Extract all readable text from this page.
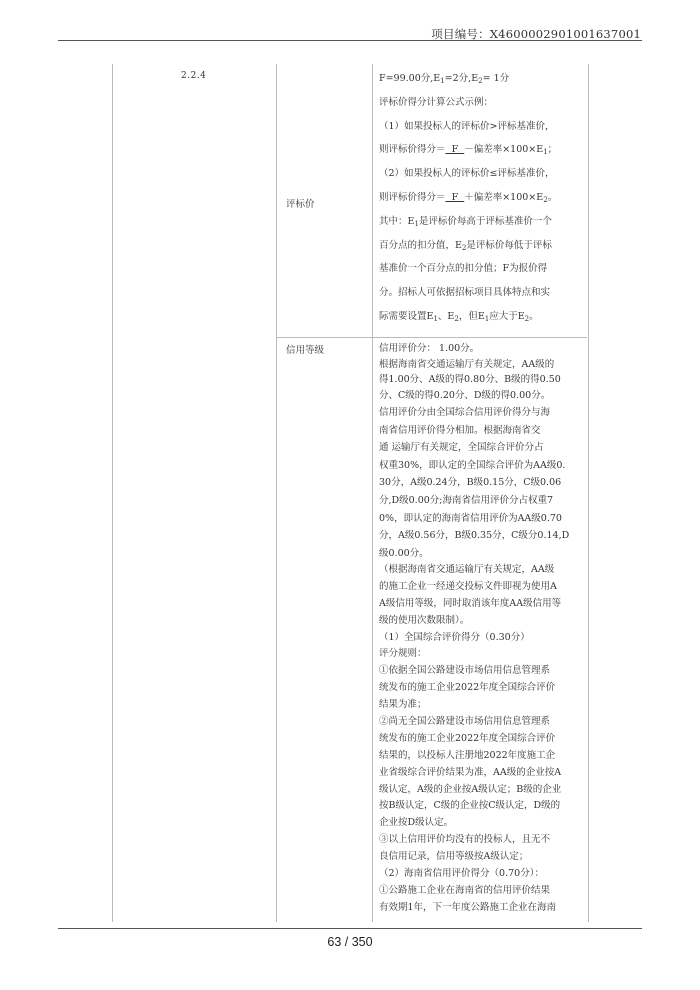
项目编号：X4600002901001637001
2.2.4
评标价
信用等级
F=99.00分$,E_1=2$分$,E_2= 1$分
评标价得分计算公式示例：
（1）如果投标人的评标价>评标基准价，
则评标价得分＝ F －偏差率$\times 100\times E_1$；
（2）如果投标人的评标价≤评标基准价，
则评标价得分＝ F ＋偏差率$\times 100\times E_2$。
其中：$E_1$是评标价每高于评标基准价一个
百分点的扣分值，$E_2$是评标价每低于评标
基准价一个百分点的扣分值；F为报价得
分。招标人可依据招标项目具体特点和实
际需要设置$E_1$、$E_2$，但$E_1$应大于$E_2$。
信用评价分： 1.00分。
根据海南省交通运输厅有关规定，AA级的
得1.00分、A级的得0.80分、B级的得0.50
分、C级的得0.20分、D级的得0.00分。
信用评价分由全国综合信用评价得分与海
南省信用评价得分相加。根据海南省交
通 运输厅有关规定，全国综合评价分占
权重30%，即认定的全国综合评价为AA级0.
30分，A级0.24分，B级0.15分，C级0.06
分,D级0.00分;海南省信用评价分占权重7
0%，即认定的海南省信用评价为AA级0.70
分，A级0.56分，B级0.35分，C级分0.14,D
级0.00分。
（根据海南省交通运输厅有关规定，AA级
的施工企业一经递交投标文件即视为使用A
A级信用等级，同时取消该年度AA级信用等
级的使用次数限制）。
（1）全国综合评价得分（0.30分）
评分规则：
①依据全国公路建设市场信用信息管理系
统发布的施工企业2022年度全国综合评价
结果为准；
②尚无全国公路建设市场信用信息管理系
统发布的施工企业2022年度全国综合评价
结果的，以投标人注册地2022年度施工企
业省级综合评价结果为准，AA级的企业按A
级认定，A级的企业按A级认定；B级的企业
按B级认定，C级的企业按C级认定，D级的
企业按D级认定。
③以上信用评价均没有的投标人，且无不
良信用记录，信用等级按A级认定；
（2）海南省信用评价得分（0.70分）：
①公路施工企业在海南省的信用评价结果
有效期1年，下一年度公路施工企业在海南
63 / 350
